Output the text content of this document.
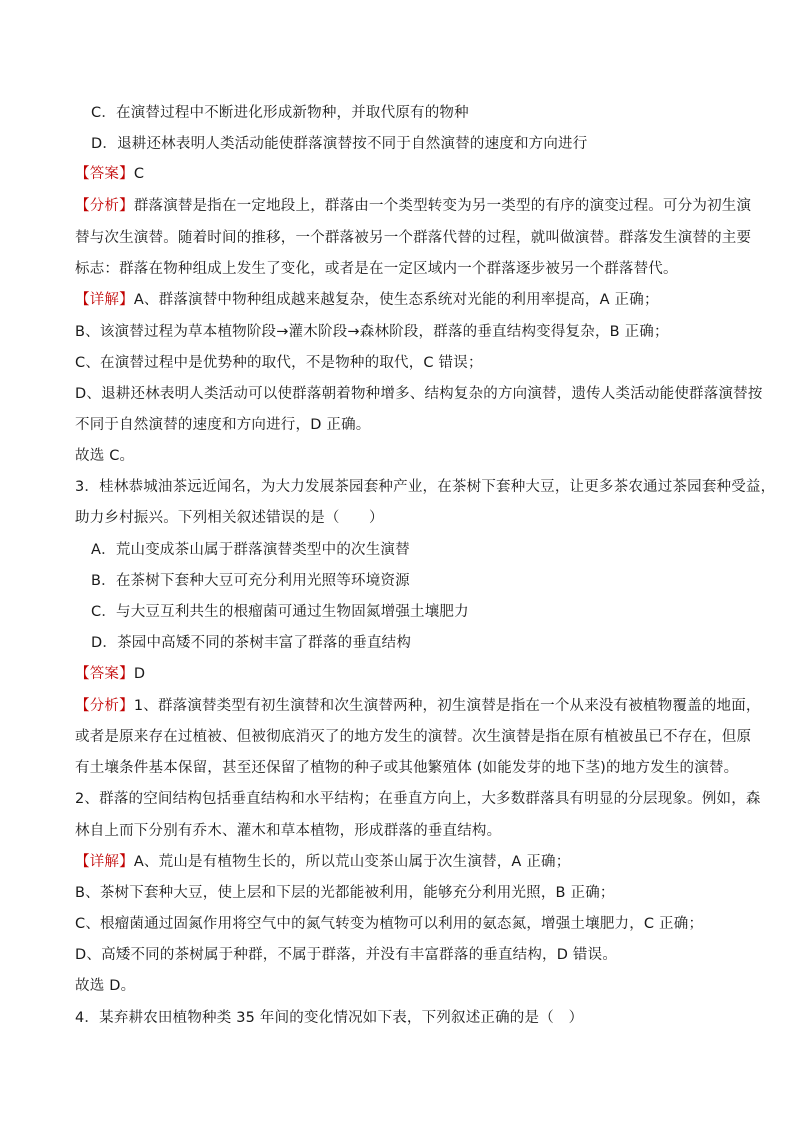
C．在演替过程中不断进化形成新物种，并取代原有的物种
D．退耕还林表明人类活动能使群落演替按不同于自然演替的速度和方向进行
【答案】C
【分析】群落演替是指在一定地段上，群落由一个类型转变为另一类型的有序的演变过程。可分为初生演
替与次生演替。随着时间的推移，一个群落被另一个群落代替的过程，就叫做演替。群落发生演替的主要
标志：群落在物种组成上发生了变化，或者是在一定区域内一个群落逐步被另一个群落替代。
【详解】A、群落演替中物种组成越来越复杂，使生态系统对光能的利用率提高，A 正确；
B、该演替过程为草本植物阶段→灌木阶段→森林阶段，群落的垂直结构变得复杂，B 正确；
C、在演替过程中是优势种的取代，不是物种的取代，C 错误；
D、退耕还林表明人类活动可以使群落朝着物种增多、结构复杂的方向演替，遗传人类活动能使群落演替按
不同于自然演替的速度和方向进行，D 正确。
故选 C。
3．桂林恭城油茶远近闻名，为大力发展茶园套种产业，在茶树下套种大豆，让更多茶农通过茶园套种受益，
助力乡村振兴。下列相关叙述错误的是（　　）
A．荒山变成茶山属于群落演替类型中的次生演替
B．在茶树下套种大豆可充分利用光照等环境资源
C．与大豆互利共生的根瘤菌可通过生物固氮增强土壤肥力
D．茶园中高矮不同的茶树丰富了群落的垂直结构
【答案】D
【分析】1、群落演替类型有初生演替和次生演替两种，初生演替是指在一个从来没有被植物覆盖的地面，
或者是原来存在过植被、但被彻底消灭了的地方发生的演替。次生演替是指在原有植被虽已不存在，但原
有土壤条件基本保留，甚至还保留了植物的种子或其他繁殖体 (如能发芽的地下茎)的地方发生的演替。
2、群落的空间结构包括垂直结构和水平结构；在垂直方向上，大多数群落具有明显的分层现象。例如，森
林自上而下分别有乔木、灌木和草本植物，形成群落的垂直结构。
【详解】A、荒山是有植物生长的，所以荒山变茶山属于次生演替，A 正确；
B、茶树下套种大豆，使上层和下层的光都能被利用，能够充分利用光照，B 正确；
C、根瘤菌通过固氮作用将空气中的氮气转变为植物可以利用的氨态氮，增强土壤肥力，C 正确；
D、高矮不同的茶树属于种群，不属于群落，并没有丰富群落的垂直结构，D 错误。
故选 D。
4．某弃耕农田植物种类 35 年间的变化情况如下表，下列叙述正确的是（　）
